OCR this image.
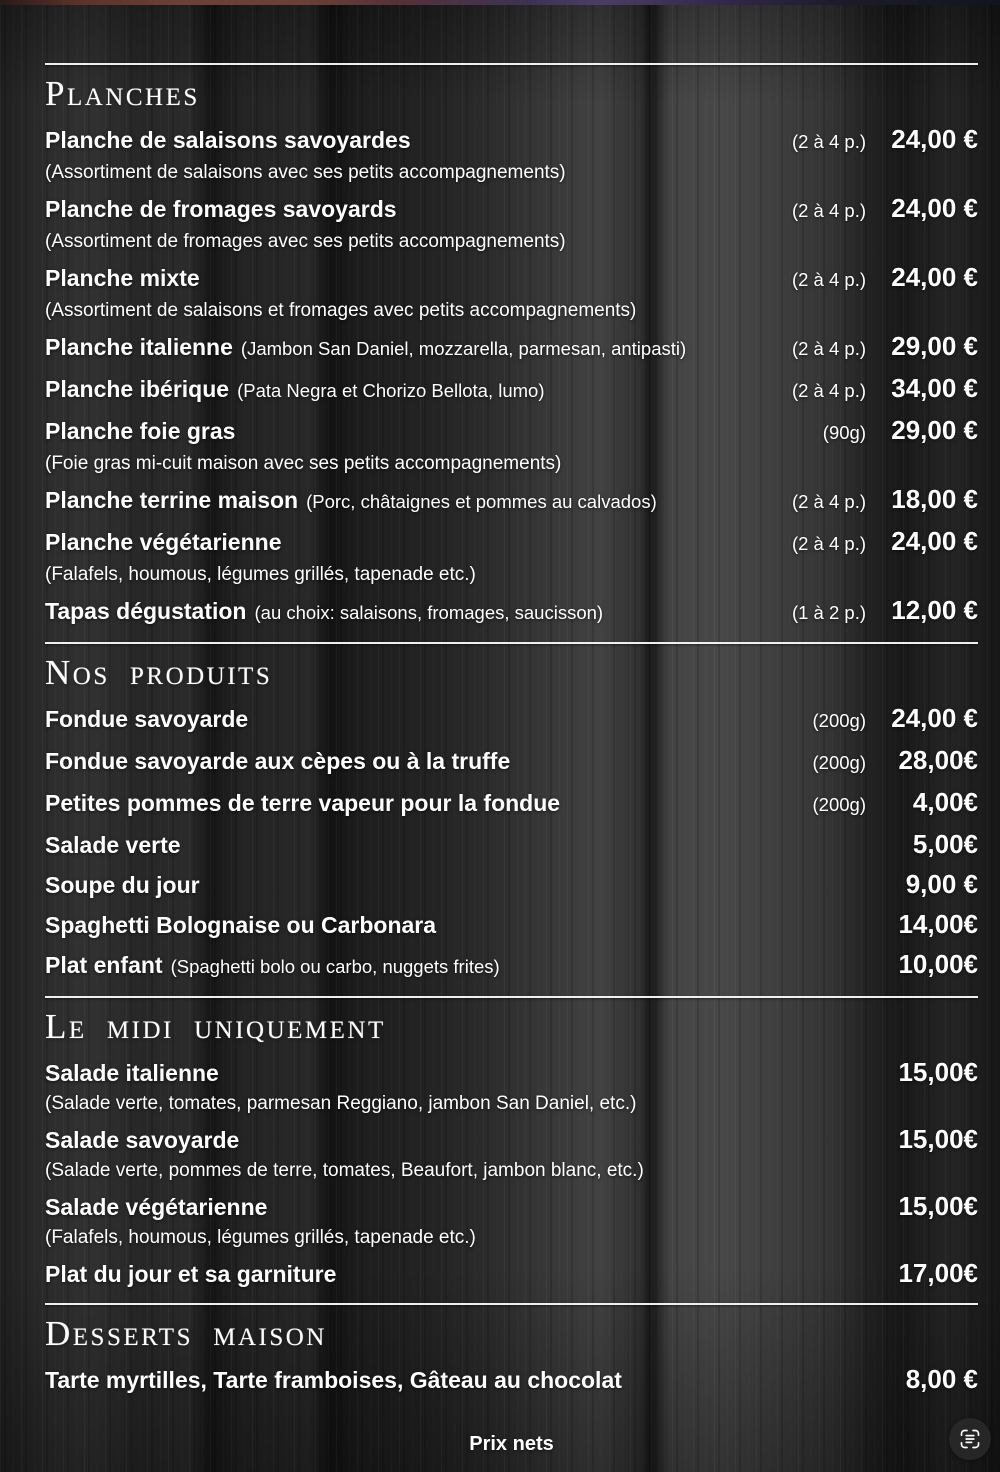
Planches
Planche de salaisons savoyardes	(2 à 4 p.) 24,00 €
(Assortiment de salaisons avec ses petits accompagnements)
Planche de fromages savoyards	(2 à 4 p.) 24,00 €
(Assortiment de fromages avec ses petits accompagnements)
Planche mixte	(2 à 4 p.) 24,00 €
(Assortiment de salaisons et fromages avec petits accompagnements)
Planche italienne (Jambon San Daniel, mozzarella, parmesan, antipasti)	(2 à 4 p.) 29,00 €
Planche ibérique (Pata Negra et Chorizo Bellota, lumo)	(2 à 4 p.) 34,00 €
Planche foie gras	(90g) 29,00 €
(Foie gras mi-cuit maison avec ses petits accompagnements)
Planche terrine maison (Porc, châtaignes et pommes au calvados)	(2 à 4 p.) 18,00 €
Planche végétarienne	(2 à 4 p.) 24,00 €
(Falafels, houmous, légumes grillés, tapenade etc.)
Tapas dégustation (au choix: salaisons, fromages, saucisson)	(1 à 2 p.) 12,00 €
Nos produits
Fondue savoyarde	(200g) 24,00 €
Fondue savoyarde aux cèpes ou à la truffe	(200g)	28,00€
Petites pommes de terre vapeur pour la fondue	(200g)	4,00€
Salade verte	5,00€
Soupe du jour	9,00 €
Spaghetti Bolognaise ou Carbonara	14,00€
Plat enfant (Spaghetti bolo ou carbo, nuggets frites)	10,00€
Le midi uniquement
Salade italienne	15,00€
(Salade verte, tomates, parmesan Reggiano, jambon San Daniel, etc.)
Salade savoyarde	15,00€
(Salade verte, pommes de terre, tomates, Beaufort, jambon blanc, etc.)
Salade végétarienne	15,00€
(Falafels, houmous, légumes grillés, tapenade etc.)
Plat du jour et sa garniture	17,00€
Desserts maison
Tarte myrtilles, Tarte framboises, Gâteau au chocolat	8,00 €
Prix nets
